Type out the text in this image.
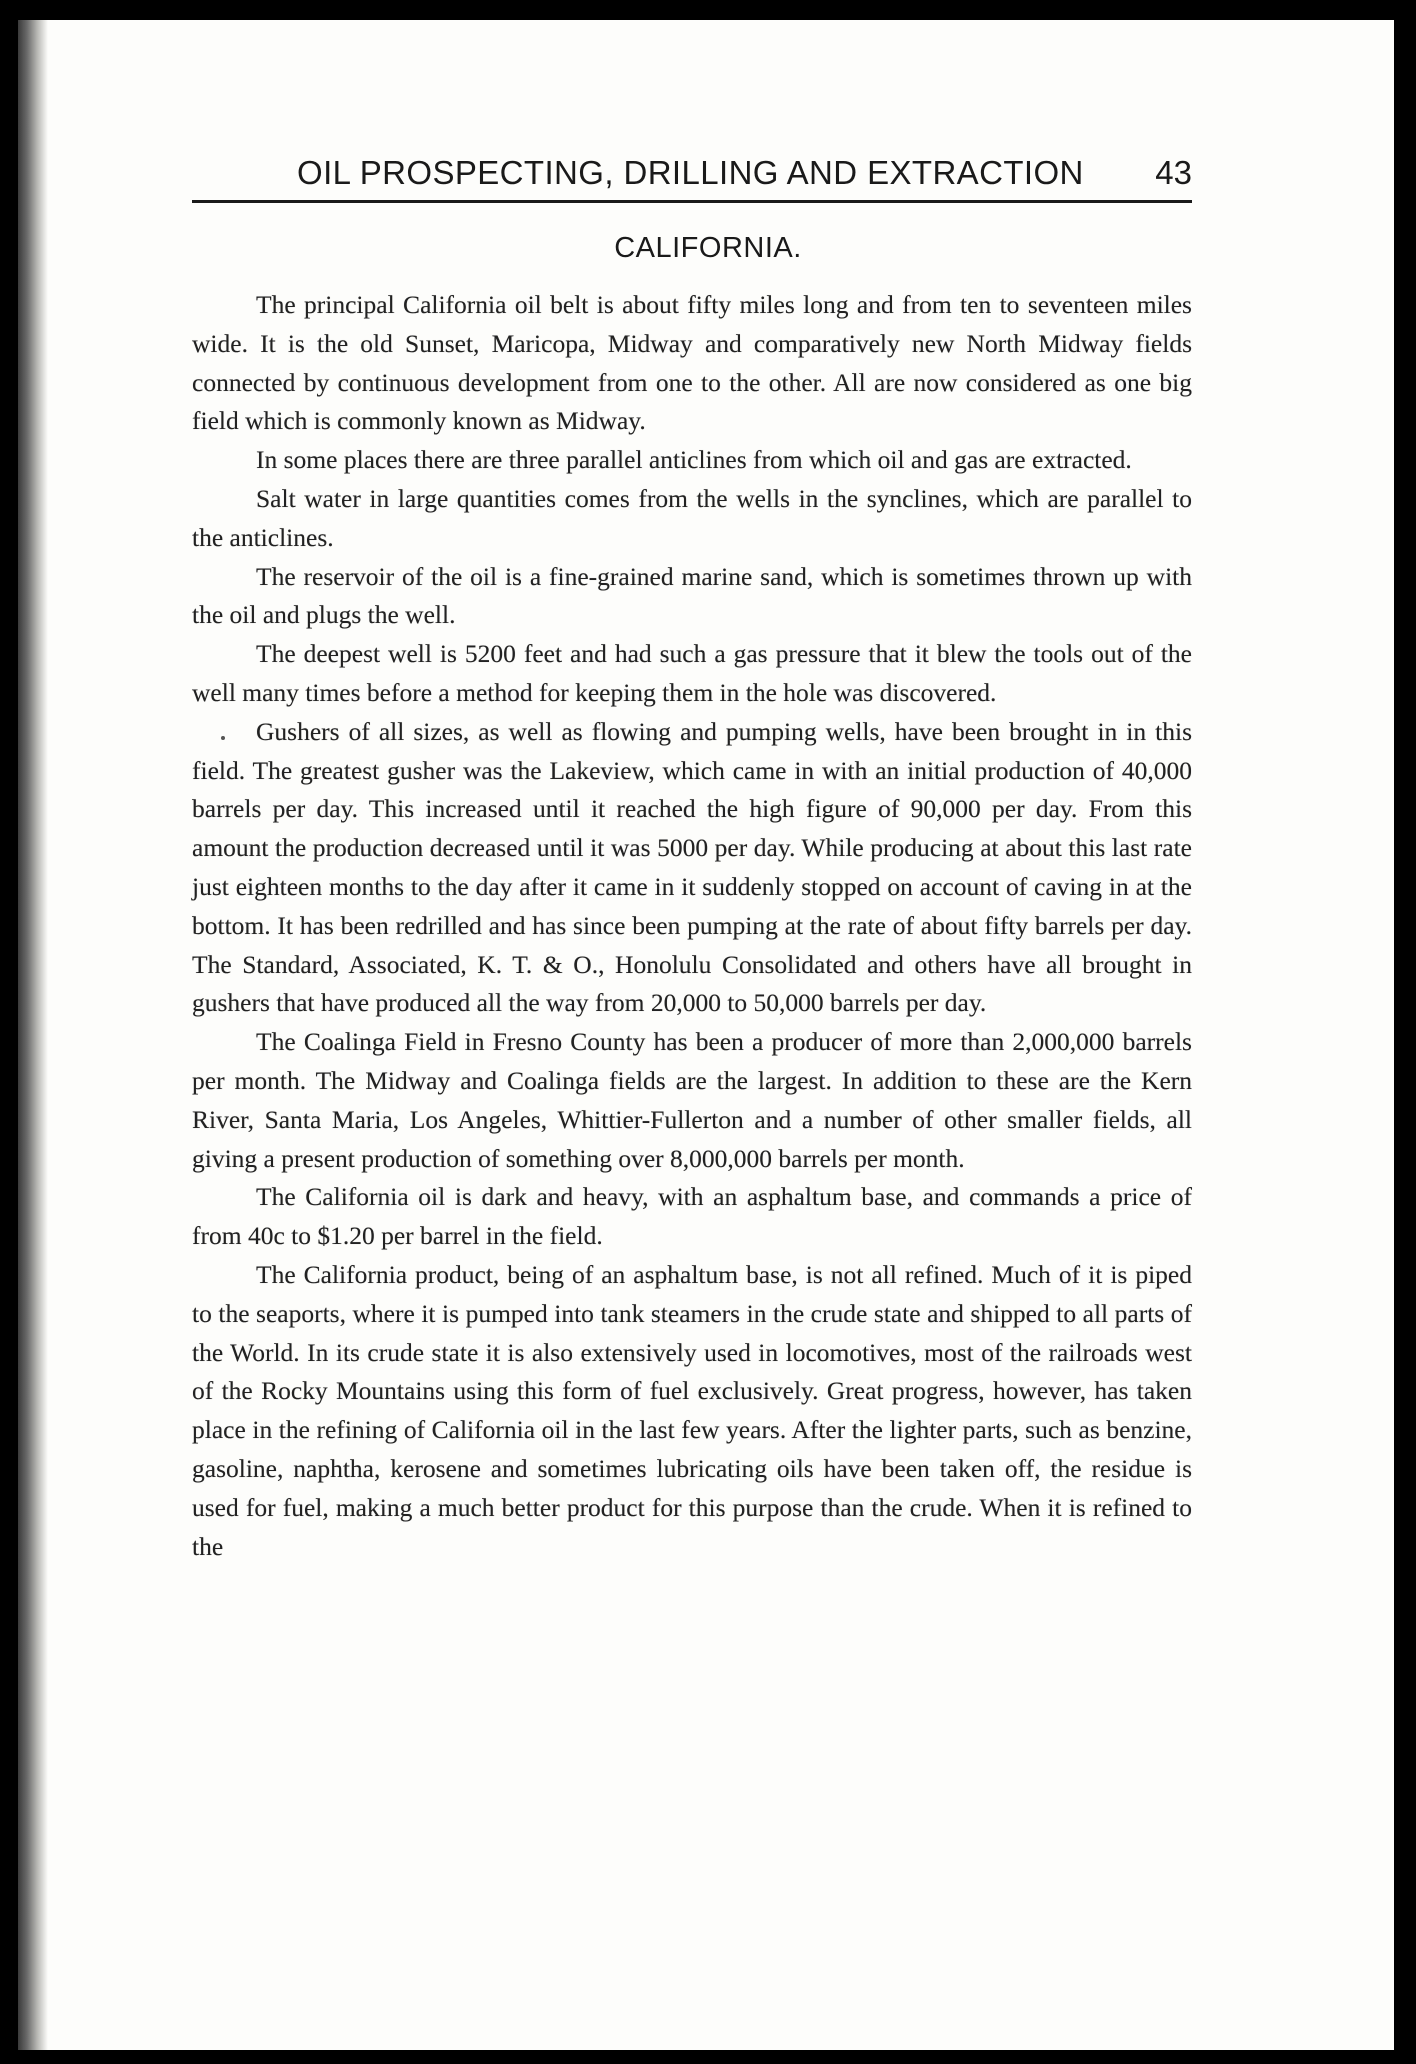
OIL PROSPECTING, DRILLING AND EXTRACTION 43
CALIFORNIA.

The principal California oil belt is about fifty miles long and from ten to seventeen miles wide. It is the old Sunset, Maricopa, Midway and comparatively new North Midway fields connected by continuous development from one to the other. All are now considered as one big field which is commonly known as Midway.

In some places there are three parallel anticlines from which oil and gas are extracted.

Salt water in large quantities comes from the wells in the synclines, which are parallel to the anticlines.

The reservoir of the oil is a fine-grained marine sand, which is sometimes thrown up with the oil and plugs the well.

The deepest well is 5200 feet and had such a gas pressure that it blew the tools out of the well many times before a method for keeping them in the hole was discovered.

Gushers of all sizes, as well as flowing and pumping wells, have been brought in in this field. The greatest gusher was the Lakeview, which came in with an initial production of 40,000 barrels per day. This increased until it reached the high figure of 90,000 per day. From this amount the production decreased until it was 5000 per day. While producing at about this last rate just eighteen months to the day after it came in it suddenly stopped on account of caving in at the bottom. It has been redrilled and has since been pumping at the rate of about fifty barrels per day. The Standard, Associated, K. T. & O., Honolulu Consolidated and others have all brought in gushers that have produced all the way from 20,000 to 50,000 barrels per day.

The Coalinga Field in Fresno County has been a producer of more than 2,000,000 barrels per month. The Midway and Coalinga fields are the largest. In addition to these are the Kern River, Santa Maria, Los Angeles, Whittier-Fullerton and a number of other smaller fields, all giving a present production of something over 8,000,000 barrels per month.

The California oil is dark and heavy, with an asphaltum base, and commands a price of from 40c to $1.20 per barrel in the field.

The California product, being of an asphaltum base, is not all refined. Much of it is piped to the seaports, where it is pumped into tank steamers in the crude state and shipped to all parts of the World. In its crude state it is also extensively used in locomotives, most of the railroads west of the Rocky Mountains using this form of fuel exclusively. Great progress, however, has taken place in the refining of California oil in the last few years. After the lighter parts, such as benzine, gasoline, naphtha, kerosene and sometimes lubricating oils have been taken off, the residue is used for fuel, making a much better product for this purpose than the crude. When it is refined to the
